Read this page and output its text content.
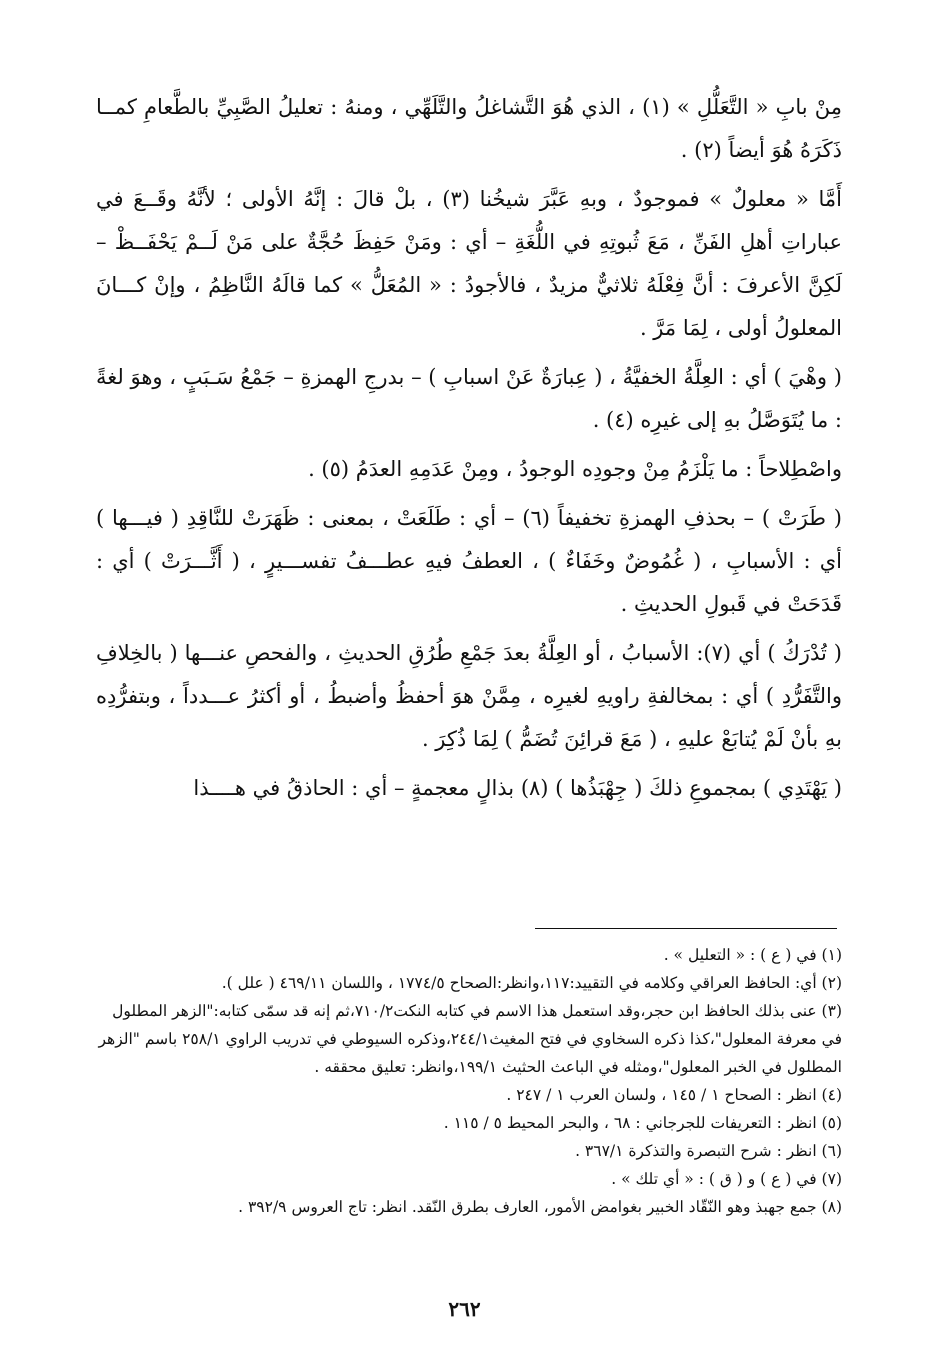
مِنْ بابِ « التَّعَلُّلِ » (١) ، الذي هُوَ التَّشاغلُ والتَّلَهِّي ، ومنهُ : تعليلُ الصَّبِيِّ بالطَّعامِ كمــا ذَكَرَهُ هُوَ أيضاً (٢) .

أَمَّا « معلولٌ » فموجودٌ ، وبهِ عَبَّرَ شيخُنا (٣) ، بلْ قالَ : إنَّهُ الأولى ؛ لأنَّهُ وقَــعَ في عباراتِ أهلِ الفَنِّ ، مَعَ ثُبوتِهِ في اللُّغَةِ – أي : ومَنْ حَفِظَ حُجَّةٌ على مَنْ لَــمْ يَحْفَــظْ – لَكِنَّ الأعرفَ : أنَّ فِعْلَهُ ثلاثيٌّ مزيدٌ ، فالأجودُ : « المُعَلُّ » كما قالَهُ النَّاظِمُ ، وإنْ كـــانَ المعلولُ أولى ، لِمَا مَرَّ .

( وهْيَ ) أي : العِلَّةُ الخفيَّةُ ، ( عِبارَةٌ عَنْ اسبابِ ) – بدرجِ الهمزةِ – جَمْعُ سَـبَبٍ ، وهوَ لغةً : ما يُتَوَصَّلُ بهِ إلى غيرِه (٤) .

واصْطِلاحاً : ما يَلْزَمُ مِنْ وجودِه الوجودُ ، ومِنْ عَدَمِهِ العدَمُ (٥) .

( طَرَتْ ) – بحذفِ الهمزةِ تخفيفاً (٦) – أي : طَلَعَتْ ، بمعنى : ظَهَرَتْ للنَّاقِدِ ( فيـــها ) أي : الأسبابِ ، ( غُمُوضٌ وخَفَاءٌ ) ، العطفُ فيهِ عطـــفُ تفســـيرٍ ، ( أَثَّـــرَتْ ) أي : قَدَحَتْ في قَبولِ الحديثِ .

( تُدْرَكُ ) أي (٧): الأسبابُ ، أو العِلَّةُ بعدَ جَمْعِ طُرُقِ الحديثِ ، والفحصِ عنـــها ( بالخِلافِ والتَّفَرُّدِ ) أي : بمخالفةِ راويهِ لغيرِه ، مِمَّنْ هوَ أحفظُ وأضبطُ ، أو أكثرُ عـــدداً ، وبتفرُّدِه بهِ بأنْ لَمْ يُتابَعْ عليهِ ، ( مَعَ قرائِنَ تُضَمُّ ) لِمَا ذُكِرَ .

( يَهْتَدِي ) بمجموعِ ذلكَ ( جِهْبَذُها ) (٨) بذالٍ معجمةٍ – أي : الحاذقُ في هــــذا

(١) في ( ع ) : « التعليل » .

(٢) أي: الحافظ العراقي وكلامه في التقييد:١١٧،وانظر:الصحاح ١٧٧٤/٥ ، واللسان ٤٦٩/١١ ( علل ).

(٣) عنى بذلك الحافظ ابن حجر،وقد استعمل هذا الاسم في كتابه النكت٧١٠/٢،ثم إنه قد سمّى كتابه:"الزهر المطلول في معرفة المعلول"،كذا ذكره السخاوي في فتح المغيث٢٤٤/١،وذكره السيوطي في تدريب الراوي ٢٥٨/١ باسم "الزهر المطلول في الخبر المعلول"،ومثله في الباعث الحثيث ١٩٩/١،وانظر: تعليق محققه .

(٤) انظر : الصحاح ١ / ١٤٥ ، ولسان العرب ١ / ٢٤٧ .

(٥) انظر : التعريفات للجرجاني : ٦٨ ، والبحر المحيط ٥ / ١١٥ .

(٦) انظر : شرح التبصرة والتذكرة ٣٦٧/١ .

(٧) في ( ع ) و ( ق ) : « أي تلك » .

(٨) جمع جهبذ وهو النّقّاد الخبير بغوامض الأمور، العارف بطرق النّقد. انظر: تاج العروس ٣٩٢/٩ .

٢٦٢
